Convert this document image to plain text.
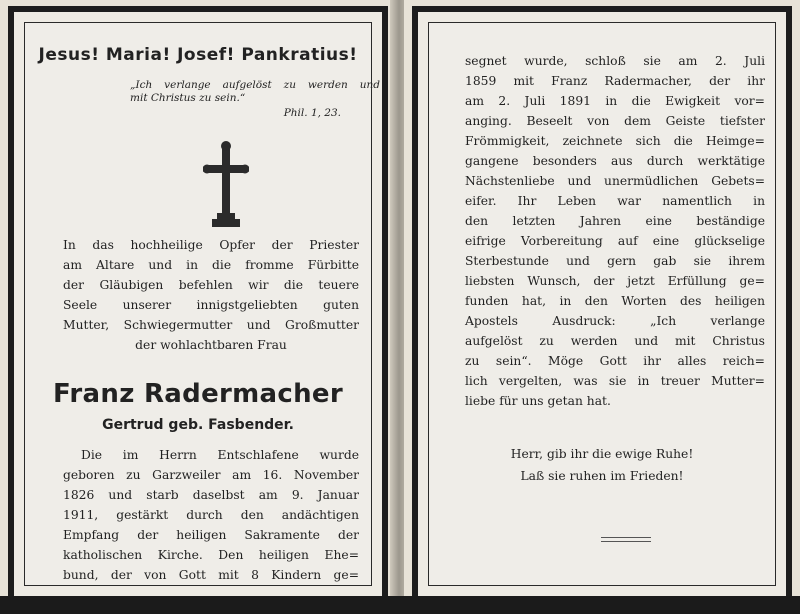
Jesus! Maria! Josef! Pankratius!
„Ich verlange aufgelöst zu werden und
mit Christus zu sein.“
Phil. 1, 23.
In das hochheilige Opfer der Priester
am Altare und in die fromme Fürbitte
der Gläubigen befehlen wir die teuere
Seele unserer innigstgeliebten guten
Mutter, Schwiegermutter und Großmutter
der wohlachtbaren Frau
Franz Radermacher
Gertrud geb. Fasbender.
Die im Herrn Entschlafene wurde
geboren zu Garzweiler am 16. November
1826 und starb daselbst am 9. Januar
1911, gestärkt durch den andächtigen
Empfang der heiligen Sakramente der
katholischen Kirche. Den heiligen Ehe=
bund, der von Gott mit 8 Kindern ge=
segnet wurde, schloß sie am 2. Juli
1859 mit Franz Radermacher, der ihr
am 2. Juli 1891 in die Ewigkeit vor=
anging. Beseelt von dem Geiste tiefster
Frömmigkeit, zeichnete sich die Heimge=
gangene besonders aus durch werktätige
Nächstenliebe und unermüdlichen Gebets=
eifer. Ihr Leben war namentlich in
den letzten Jahren eine beständige
eifrige Vorbereitung auf eine glückselige
Sterbestunde und gern gab sie ihrem
liebsten Wunsch, der jetzt Erfüllung ge=
funden hat, in den Worten des heiligen
Apostels Ausdruck: „Ich verlange
aufgelöst zu werden und mit Christus
zu sein“. Möge Gott ihr alles reich=
lich vergelten, was sie in treuer Mutter=
liebe für uns getan hat.
Herr, gib ihr die ewige Ruhe!
Laß sie ruhen im Frieden!
